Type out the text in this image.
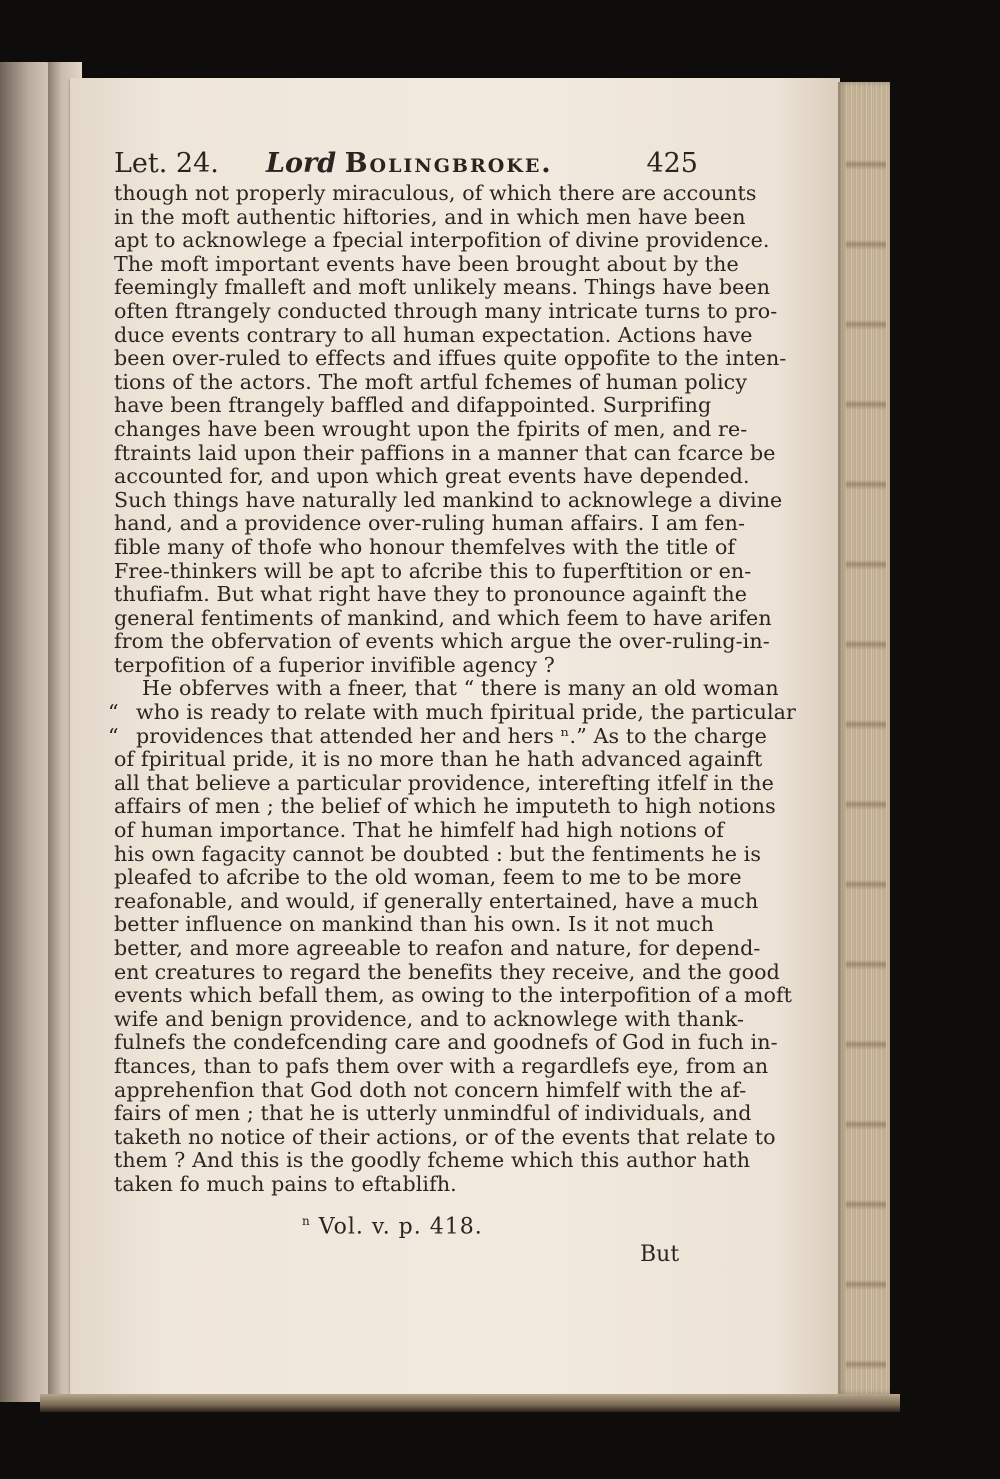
Let. 24. Lord Bolingbroke.	425
though not properly miraculous, of which there are accounts
in the moft authentic hiftories, and in which men have been
apt to acknowlege a fpecial interpofition of divine providence.
The moft important events have been brought about by the
feemingly fmalleft and moft unlikely means. Things have been
often ftrangely conducted through many intricate turns to pro-
duce events contrary to all human expectation. Actions have
been over-ruled to effects and iffues quite oppofite to the inten-
tions of the actors. The moft artful fchemes of human policy
have been ftrangely baffled and difappointed. Surprifing
changes have been wrought upon the fpirits of men, and re-
ftraints laid upon their paffions in a manner that can fcarce be
accounted for, and upon which great events have depended.
Such things have naturally led mankind to acknowlege a divine
hand, and a providence over-ruling human affairs. I am fen-
fible many of thofe who honour themfelves with the title of
Free-thinkers will be apt to afcribe this to fuperftition or en-
thufiafm. But what right have they to pronounce againft the
general fentiments of mankind, and which feem to have arifen
from the obfervation of events which argue the over-ruling-in-
terpofition of a fuperior invifible agency ?
He obferves with a fneer, that “ there is many an old woman
“ who is ready to relate with much fpiritual pride, the particular
“ providences that attended her and hers ⁿ.” As to the charge
of fpiritual pride, it is no more than he hath advanced againft
all that believe a particular providence, interefting itfelf in the
affairs of men ; the belief of which he imputeth to high notions
of human importance. That he himfelf had high notions of
his own fagacity cannot be doubted : but the fentiments he is
pleafed to afcribe to the old woman, feem to me to be more
reafonable, and would, if generally entertained, have a much
better influence on mankind than his own. Is it not much
better, and more agreeable to reafon and nature, for depend-
ent creatures to regard the benefits they receive, and the good
events which befall them, as owing to the interpofition of a moft
wife and benign providence, and to acknowlege with thank-
fulnefs the condefcending care and goodnefs of God in fuch in-
ftances, than to pafs them over with a regardlefs eye, from an
apprehenfion that God doth not concern himfelf with the af-
fairs of men ; that he is utterly unmindful of individuals, and
taketh no notice of their actions, or of the events that relate to
them ? And this is the goodly fcheme which this author hath
taken fo much pains to eftablifh.
$^n$ Vol. v. p. 418.
But
